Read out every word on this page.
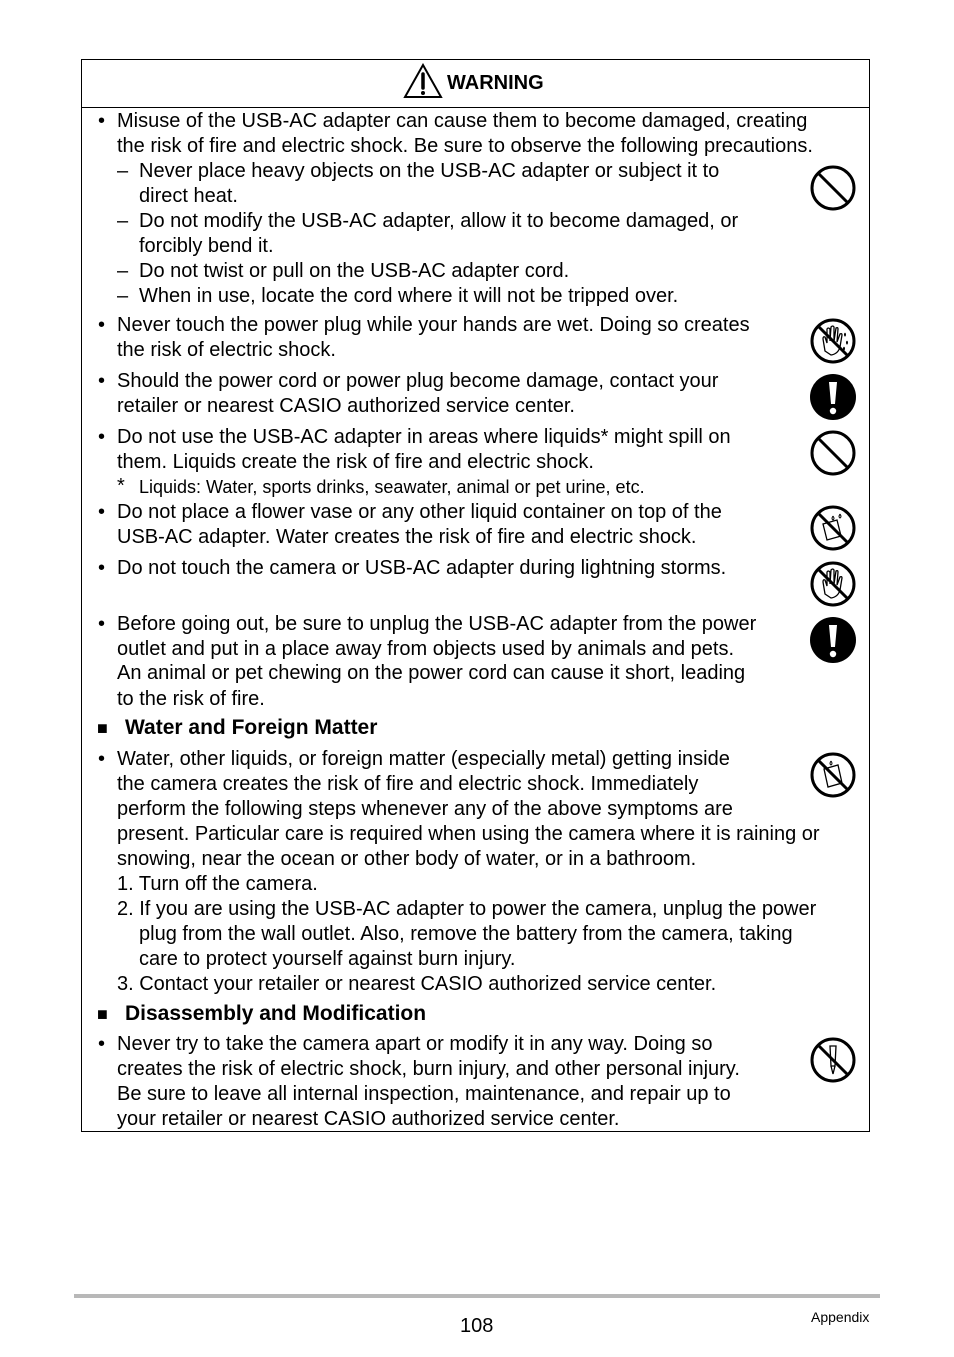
WARNING
• Misuse of the USB-AC adapter can cause them to become damaged, creating

the risk of fire and electric shock. Be sure to observe the following precautions.

– Never place heavy objects on the USB-AC adapter or subject it to

direct heat.

– Do not modify the USB-AC adapter, allow it to become damaged, or

forcibly bend it.

– Do not twist or pull on the USB-AC adapter cord.

– When in use, locate the cord where it will not be tripped over.

• Never touch the power plug while your hands are wet. Doing so creates

the risk of electric shock.

• Should the power cord or power plug become damage, contact your

retailer or nearest CASIO authorized service center.

• Do not use the USB-AC adapter in areas where liquids* might spill on

them. Liquids create the risk of fire and electric shock.

* Liquids: Water, sports drinks, seawater, animal or pet urine, etc.

• Do not place a flower vase or any other liquid container on top of the

USB-AC adapter. Water creates the risk of fire and electric shock.

• Do not touch the camera or USB-AC adapter during lightning storms.

• Before going out, be sure to unplug the USB-AC adapter from the power

outlet and put in a place away from objects used by animals and pets.

An animal or pet chewing on the power cord can cause it short, leading

to the risk of fire.

■ Water and Foreign Matter

• Water, other liquids, or foreign matter (especially metal) getting inside

the camera creates the risk of fire and electric shock. Immediately

perform the following steps whenever any of the above symptoms are

present. Particular care is required when using the camera where it is raining or

snowing, near the ocean or other body of water, or in a bathroom.

1. Turn off the camera.

2. If you are using the USB-AC adapter to power the camera, unplug the power

plug from the wall outlet. Also, remove the battery from the camera, taking

care to protect yourself against burn injury.

3. Contact your retailer or nearest CASIO authorized service center.

■ Disassembly and Modification

• Never try to take the camera apart or modify it in any way. Doing so

creates the risk of electric shock, burn injury, and other personal injury.

Be sure to leave all internal inspection, maintenance, and repair up to

your retailer or nearest CASIO authorized service center.

108	Appendix
